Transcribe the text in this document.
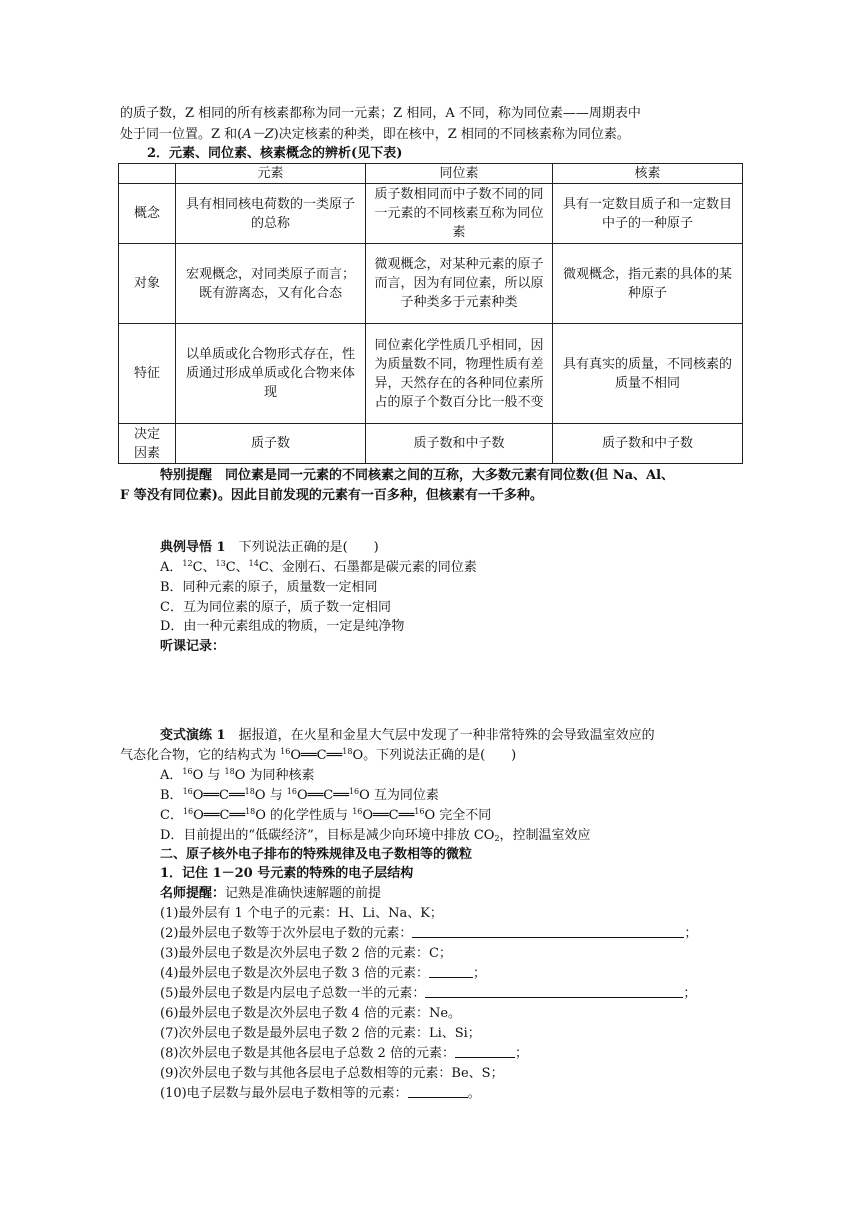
的质子数，Z 相同的所有核素都称为同一元素；Z 相同，A 不同，称为同位素——周期表中
处于同一位置。Z 和(A－Z)决定核素的种类，即在核中，Z 相同的不同核素称为同位素。
2．元素、同位素、核素概念的辨析(见下表)
	元素	同位素	核素
概念	具有相同核电荷数的一类原子的总称	质子数相同而中子数不同的同一元素的不同核素互称为同位素	具有一定数目质子和一定数目中子的一种原子
对象	宏观概念，对同类原子而言；既有游离态，又有化合态	微观概念，对某种元素的原子而言，因为有同位素，所以原子种类多于元素种类	微观概念，指元素的具体的某种原子
特征	以单质或化合物形式存在，性质通过形成单质或化合物来体现	同位素化学性质几乎相同，因为质量数不同，物理性质有差异，天然存在的各种同位素所占的原子个数百分比一般不变	具有真实的质量，不同核素的质量不相同
决定因素	质子数	质子数和中子数	质子数和中子数
特别提醒　 同位素是同一元素的不同核素之间的互称，大多数元素有同位数(但 Na、Al、
F 等没有同位素)。因此目前发现的元素有一百多种，但核素有一千多种。
典例导悟 1　 下列说法正确的是(　　)
A．$^{12}$C、$^{13}$C、$^{14}$C、金刚石、石墨都是碳元素的同位素
B．同种元素的原子，质量数一定相同
C．互为同位素的原子，质子数一定相同
D．由一种元素组成的物质，一定是纯净物
听课记录：
变式演练 1　 据报道，在火星和金星大气层中发现了一种非常特殊的会导致温室效应的
气态化合物，它的结构式为 $^{16}$O══C══$^{18}$O。下列说法正确的是(　　)
A．$^{16}$O 与 $^{18}$O 为同种核素
B．$^{16}$O══C══$^{18}$O 与 $^{16}$O══C══$^{16}$O 互为同位素
C．$^{16}$O══C══$^{18}$O 的化学性质与 $^{16}$O══C══$^{16}$O 完全不同
D．目前提出的“低碳经济”，目标是减少向环境中排放 $CO_2$，控制温室效应
二、原子核外电子排布的特殊规律及电子数相等的微粒
1．记住 1－20 号元素的特殊的电子层结构
名师提醒：记熟是准确快速解题的前提
(1)最外层有 1 个电子的元素：H、Li、Na、K；
(2)最外层电子数等于次外层电子数的元素：	；
(3)最外层电子数是次外层电子数 2 倍的元素：C；
(4)最外层电子数是次外层电子数 3 倍的元素：	；
(5)最外层电子数是内层电子总数一半的元素：	；
(6)最外层电子数是次外层电子数 4 倍的元素：Ne。
(7)次外层电子数是最外层电子数 2 倍的元素：Li、Si；
(8)次外层电子数是其他各层电子总数 2 倍的元素：	；
(9)次外层电子数与其他各层电子总数相等的元素：Be、S；
(10)电子层数与最外层电子数相等的元素：	。
